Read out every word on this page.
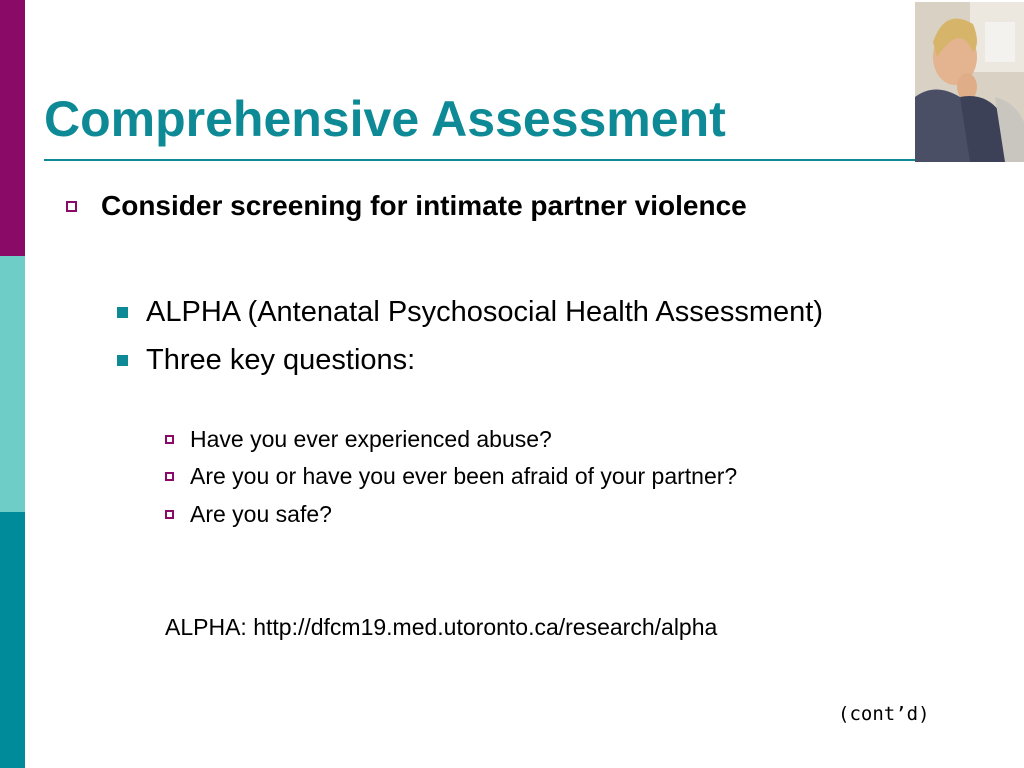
Comprehensive Assessment
Consider screening for intimate partner violence
ALPHA (Antenatal Psychosocial Health Assessment)
Three key questions:
Have you ever experienced abuse?
Are you or have you ever been afraid of your partner?
Are you safe?
ALPHA: http://dfcm19.med.utoronto.ca/research/alpha
(cont’d)
